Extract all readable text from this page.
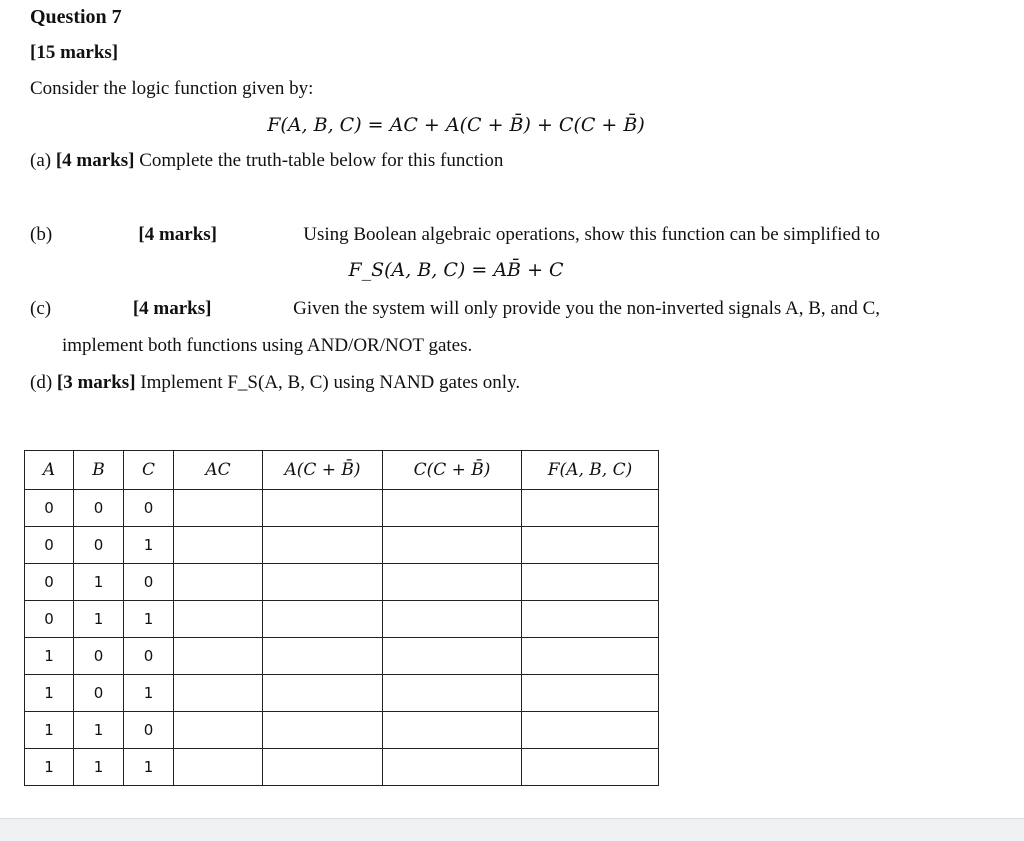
Question 7
[15 marks]
Consider the logic function given by:
F(A, B, C) = AC + A(C + B̄) + C(C + B̄)
(a) [4 marks] Complete the truth-table below for this function
(b)	[4 marks]	Using Boolean algebraic operations, show this function can be simplified to
F_S(A, B, C) = AB̄ + C
(c)	[4 marks]	Given the system will only provide you the non-inverted signals A, B, and C,
implement both functions using AND/OR/NOT gates.
(d) [3 marks] Implement F_S(A, B, C) using NAND gates only.
A	B	C	AC	A(C + B̄)	C(C + B̄)	F(A, B, C)
0	0	0				
0	0	1				
0	1	0				
0	1	1				
1	0	0				
1	0	1				
1	1	0				
1	1	1				
